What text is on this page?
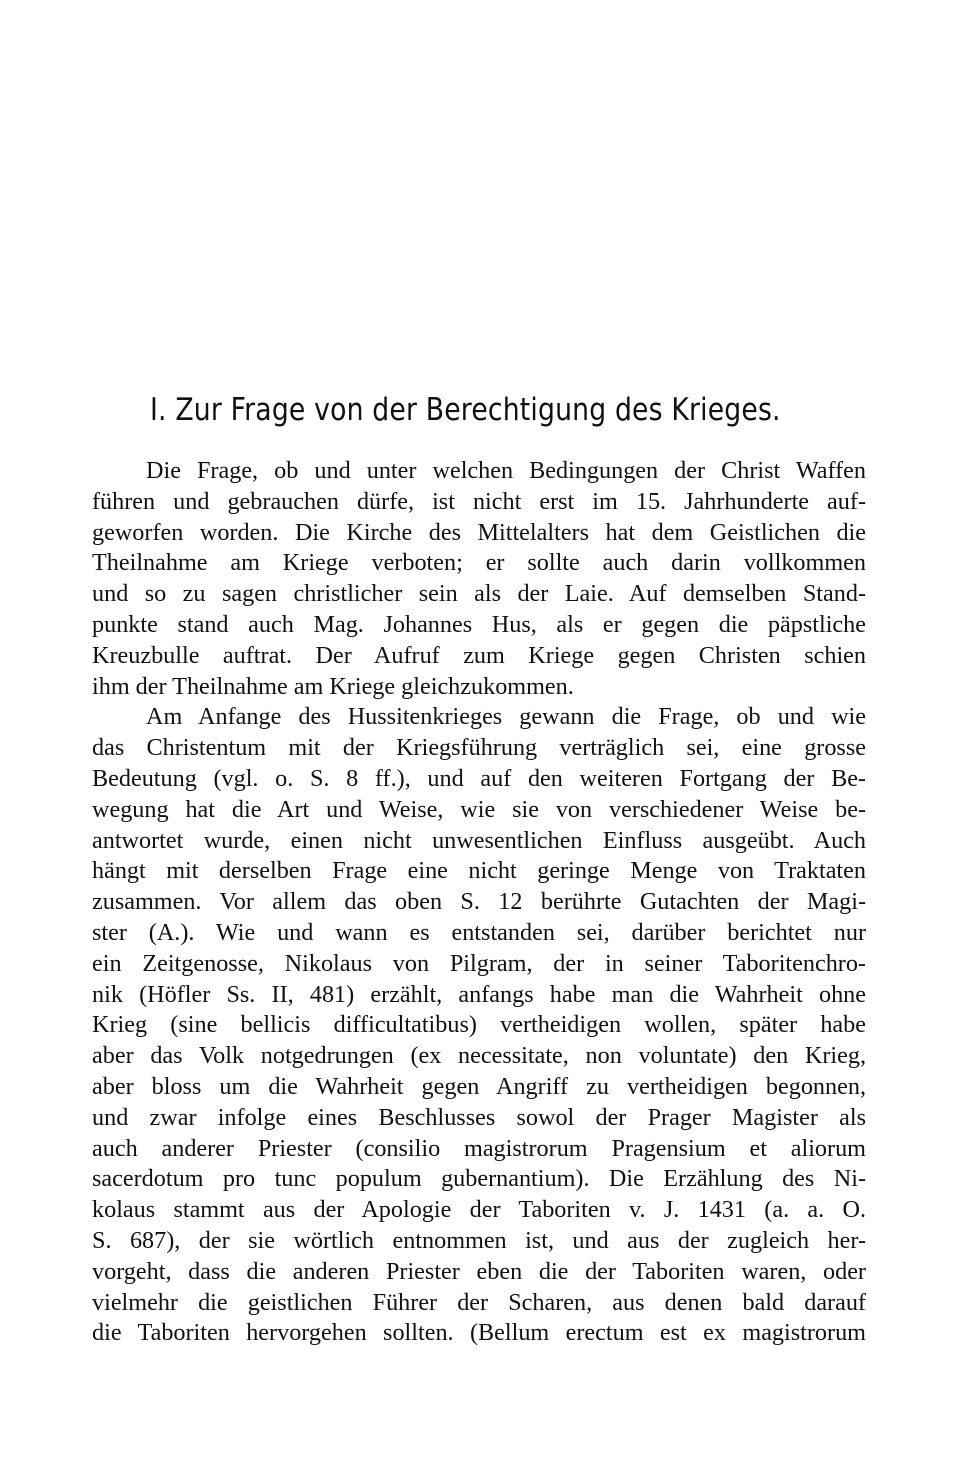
I. Zur Frage von der Berechtigung des Krieges.
Die Frage, ob und unter welchen Bedingungen der Christ Waffen
führen und gebrauchen dürfe, ist nicht erst im 15. Jahrhunderte auf-
geworfen worden. Die Kirche des Mittelalters hat dem Geistlichen die
Theilnahme am Kriege verboten; er sollte auch darin vollkommen
und so zu sagen christlicher sein als der Laie. Auf demselben Stand-
punkte stand auch Mag. Johannes Hus, als er gegen die päpstliche
Kreuzbulle auftrat. Der Aufruf zum Kriege gegen Christen schien
ihm der Theilnahme am Kriege gleichzukommen.
Am Anfange des Hussitenkrieges gewann die Frage, ob und wie
das Christentum mit der Kriegsführung verträglich sei, eine grosse
Bedeutung (vgl. o. S. 8 ff.), und auf den weiteren Fortgang der Be-
wegung hat die Art und Weise, wie sie von verschiedener Weise be-
antwortet wurde, einen nicht unwesentlichen Einfluss ausgeübt. Auch
hängt mit derselben Frage eine nicht geringe Menge von Traktaten
zusammen. Vor allem das oben S. 12 berührte Gutachten der Magi-
ster (A.). Wie und wann es entstanden sei, darüber berichtet nur
ein Zeitgenosse, Nikolaus von Pilgram, der in seiner Taboritenchro-
nik (Höfler Ss. II, 481) erzählt, anfangs habe man die Wahrheit ohne
Krieg (sine bellicis difficultatibus) vertheidigen wollen, später habe
aber das Volk notgedrungen (ex necessitate, non voluntate) den Krieg,
aber bloss um die Wahrheit gegen Angriff zu vertheidigen begonnen,
und zwar infolge eines Beschlusses sowol der Prager Magister als
auch anderer Priester (consilio magistrorum Pragensium et aliorum
sacerdotum pro tunc populum gubernantium). Die Erzählung des Ni-
kolaus stammt aus der Apologie der Taboriten v. J. 1431 (a. a. O.
S. 687), der sie wörtlich entnommen ist, und aus der zugleich her-
vorgeht, dass die anderen Priester eben die der Taboriten waren, oder
vielmehr die geistlichen Führer der Scharen, aus denen bald darauf
die Taboriten hervorgehen sollten. (Bellum erectum est ex magistrorum
